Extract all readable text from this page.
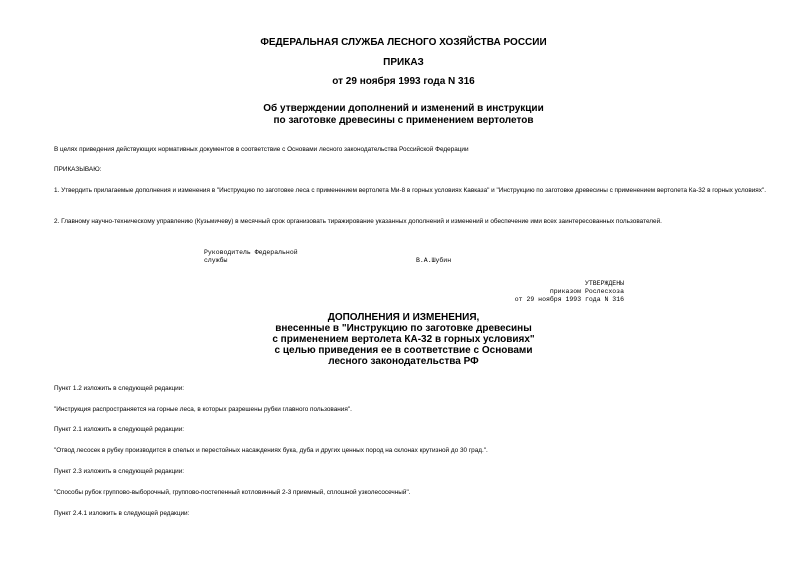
ФЕДЕРАЛЬНАЯ СЛУЖБА ЛЕСНОГО ХОЗЯЙСТВА РОССИИ
ПРИКАЗ
от 29 ноября 1993 года N 316
Об утверждении дополнений и изменений в инструкции
по заготовке древесины с применением вертолетов
В целях приведения действующих нормативных документов в соответствие с Основами лесного законодательства Российской Федерации
ПРИКАЗЫВАЮ:
1. Утвердить прилагаемые дополнения и изменения в "Инструкцию по заготовке леса с применением вертолета Ми-8 в горных условиях Кавказа" и "Инструкцию по заготовке древесины с применением вертолета Ка-32 в горных условиях".
2. Главному научно-техническому управлению (Кузьмичеву) в месячный срок организовать тиражирование указанных дополнений и изменений и обеспечение ими всех заинтересованных пользователей.
Руководитель Федеральной
службы	В.А.Шубин
УТВЕРЖДЕНЫ
приказом Рослесхоза
от 29 ноября 1993 года N 316
ДОПОЛНЕНИЯ И ИЗМЕНЕНИЯ,
внесенные в "Инструкцию по заготовке древесины
с применением вертолета КА-32 в горных условиях"
с целью приведения ее в соответствие с Основами
лесного законодательства РФ
Пункт 1.2 изложить в следующей редакции:
"Инструкция распространяется на горные леса, в которых разрешены рубки главного пользования".
Пункт 2.1 изложить в следующей редакции:
"Отвод лесосек в рубку производится в спелых и перестойных насаждениях бука, дуба и других ценных пород на склонах крутизной до 30 град.".
Пункт 2.3 изложить в следующей редакции:
"Способы рубок группово-выборочный, группово-постепенный котловинный 2-3 приемный, сплошной узколесосечный".
Пункт 2.4.1 изложить в следующей редакции:
